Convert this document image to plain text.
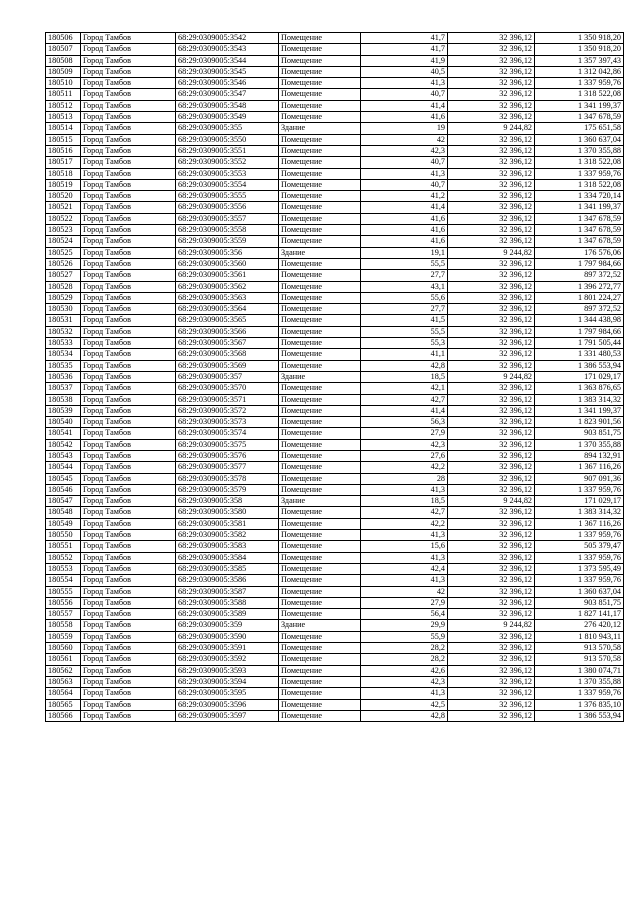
180506	Город Тамбов	68:29:0309005:3542	Помещение	41,7	32 396,12	1 350 918,20
180507	Город Тамбов	68:29:0309005:3543	Помещение	41,7	32 396,12	1 350 918,20
180508	Город Тамбов	68:29:0309005:3544	Помещение	41,9	32 396,12	1 357 397,43
180509	Город Тамбов	68:29:0309005:3545	Помещение	40,5	32 396,12	1 312 042,86
180510	Город Тамбов	68:29:0309005:3546	Помещение	41,3	32 396,12	1 337 959,76
180511	Город Тамбов	68:29:0309005:3547	Помещение	40,7	32 396,12	1 318 522,08
180512	Город Тамбов	68:29:0309005:3548	Помещение	41,4	32 396,12	1 341 199,37
180513	Город Тамбов	68:29:0309005:3549	Помещение	41,6	32 396,12	1 347 678,59
180514	Город Тамбов	68:29:0309005:355	Здание	19	9 244,82	175 651,58
180515	Город Тамбов	68:29:0309005:3550	Помещение	42	32 396,12	1 360 637,04
180516	Город Тамбов	68:29:0309005:3551	Помещение	42,3	32 396,12	1 370 355,88
180517	Город Тамбов	68:29:0309005:3552	Помещение	40,7	32 396,12	1 318 522,08
180518	Город Тамбов	68:29:0309005:3553	Помещение	41,3	32 396,12	1 337 959,76
180519	Город Тамбов	68:29:0309005:3554	Помещение	40,7	32 396,12	1 318 522,08
180520	Город Тамбов	68:29:0309005:3555	Помещение	41,2	32 396,12	1 334 720,14
180521	Город Тамбов	68:29:0309005:3556	Помещение	41,4	32 396,12	1 341 199,37
180522	Город Тамбов	68:29:0309005:3557	Помещение	41,6	32 396,12	1 347 678,59
180523	Город Тамбов	68:29:0309005:3558	Помещение	41,6	32 396,12	1 347 678,59
180524	Город Тамбов	68:29:0309005:3559	Помещение	41,6	32 396,12	1 347 678,59
180525	Город Тамбов	68:29:0309005:356	Здание	19,1	9 244,82	176 576,06
180526	Город Тамбов	68:29:0309005:3560	Помещение	55,5	32 396,12	1 797 984,66
180527	Город Тамбов	68:29:0309005:3561	Помещение	27,7	32 396,12	897 372,52
180528	Город Тамбов	68:29:0309005:3562	Помещение	43,1	32 396,12	1 396 272,77
180529	Город Тамбов	68:29:0309005:3563	Помещение	55,6	32 396,12	1 801 224,27
180530	Город Тамбов	68:29:0309005:3564	Помещение	27,7	32 396,12	897 372,52
180531	Город Тамбов	68:29:0309005:3565	Помещение	41,5	32 396,12	1 344 438,98
180532	Город Тамбов	68:29:0309005:3566	Помещение	55,5	32 396,12	1 797 984,66
180533	Город Тамбов	68:29:0309005:3567	Помещение	55,3	32 396,12	1 791 505,44
180534	Город Тамбов	68:29:0309005:3568	Помещение	41,1	32 396,12	1 331 480,53
180535	Город Тамбов	68:29:0309005:3569	Помещение	42,8	32 396,12	1 386 553,94
180536	Город Тамбов	68:29:0309005:357	Здание	18,5	9 244,82	171 029,17
180537	Город Тамбов	68:29:0309005:3570	Помещение	42,1	32 396,12	1 363 876,65
180538	Город Тамбов	68:29:0309005:3571	Помещение	42,7	32 396,12	1 383 314,32
180539	Город Тамбов	68:29:0309005:3572	Помещение	41,4	32 396,12	1 341 199,37
180540	Город Тамбов	68:29:0309005:3573	Помещение	56,3	32 396,12	1 823 901,56
180541	Город Тамбов	68:29:0309005:3574	Помещение	27,9	32 396,12	903 851,75
180542	Город Тамбов	68:29:0309005:3575	Помещение	42,3	32 396,12	1 370 355,88
180543	Город Тамбов	68:29:0309005:3576	Помещение	27,6	32 396,12	894 132,91
180544	Город Тамбов	68:29:0309005:3577	Помещение	42,2	32 396,12	1 367 116,26
180545	Город Тамбов	68:29:0309005:3578	Помещение	28	32 396,12	907 091,36
180546	Город Тамбов	68:29:0309005:3579	Помещение	41,3	32 396,12	1 337 959,76
180547	Город Тамбов	68:29:0309005:358	Здание	18,5	9 244,82	171 029,17
180548	Город Тамбов	68:29:0309005:3580	Помещение	42,7	32 396,12	1 383 314,32
180549	Город Тамбов	68:29:0309005:3581	Помещение	42,2	32 396,12	1 367 116,26
180550	Город Тамбов	68:29:0309005:3582	Помещение	41,3	32 396,12	1 337 959,76
180551	Город Тамбов	68:29:0309005:3583	Помещение	15,6	32 396,12	505 379,47
180552	Город Тамбов	68:29:0309005:3584	Помещение	41,3	32 396,12	1 337 959,76
180553	Город Тамбов	68:29:0309005:3585	Помещение	42,4	32 396,12	1 373 595,49
180554	Город Тамбов	68:29:0309005:3586	Помещение	41,3	32 396,12	1 337 959,76
180555	Город Тамбов	68:29:0309005:3587	Помещение	42	32 396,12	1 360 637,04
180556	Город Тамбов	68:29:0309005:3588	Помещение	27,9	32 396,12	903 851,75
180557	Город Тамбов	68:29:0309005:3589	Помещение	56,4	32 396,12	1 827 141,17
180558	Город Тамбов	68:29:0309005:359	Здание	29,9	9 244,82	276 420,12
180559	Город Тамбов	68:29:0309005:3590	Помещение	55,9	32 396,12	1 810 943,11
180560	Город Тамбов	68:29:0309005:3591	Помещение	28,2	32 396,12	913 570,58
180561	Город Тамбов	68:29:0309005:3592	Помещение	28,2	32 396,12	913 570,58
180562	Город Тамбов	68:29:0309005:3593	Помещение	42,6	32 396,12	1 380 074,71
180563	Город Тамбов	68:29:0309005:3594	Помещение	42,3	32 396,12	1 370 355,88
180564	Город Тамбов	68:29:0309005:3595	Помещение	41,3	32 396,12	1 337 959,76
180565	Город Тамбов	68:29:0309005:3596	Помещение	42,5	32 396,12	1 376 835,10
180566	Город Тамбов	68:29:0309005:3597	Помещение	42,8	32 396,12	1 386 553,94
